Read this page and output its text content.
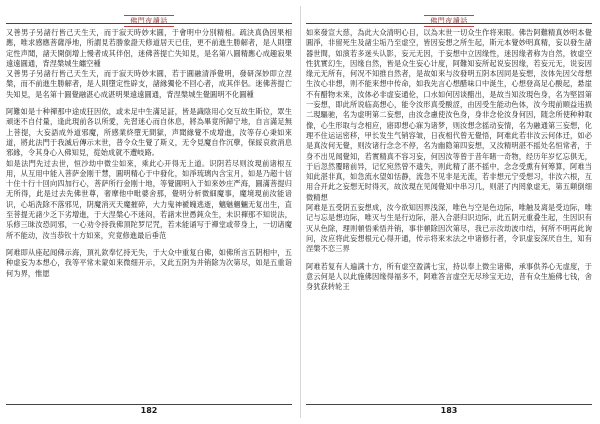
佛門夜讀話

又善男子另諸行皆己天生天，而于寂天時妙末圓，于會明中分別精相。疏決真偽因果相應，唯求感應菩薩淨地，所謂見若勝象證天修道居天已佳，更不前進生勝解者，是人則墮定性声聞，諸天開倒增上慢者成其伴侶，迷佛菩提亡失知見，是名第八圓精應心成趣寂果遠遠圓通，背涅槃城生纏空種

又善男子另諸行皆己天生天，而于寂天時妙末圓，若于圓融清淨覺明，發研深妙即立涅槃，而不前進生勝解者，是人則墮定性辟支，諸緣獨伦不回心者，成其伴侶。迷佛菩提亡失知見，是名第十圓覺融湛心成湛明果遠遠圓通，背涅槃城生覺圓明不化圓種

阿難如是十种禪那中途成狂因依，或未足中生滿足証，皆是識陰用心交互故生斯位，眾生頑迷不自付量，逢此現前各以所愛，先習迷心而自休息，將為畢竟所歸宁地，自言滿足無上菩提，大妄語成外道邪魔，所感業終墮无間獄，声聞緣覺不成增進，汝等存心秉如來道，將此法門于我滅后傳示末世，普令众生覺了斯义，无令見魔自作沉孽，保綏哀救消息邪緣，令其身心入佛知見，從始成就不遭岐路。

如是法門先过去世，恒沙劫中微尘如來，乘此心开得无上道。识阴若尽则汝現前诸根互用，从互用中能入菩萨金刚干慧，圓明精心于中發化，如淨琉璃內含宝月，如是乃超十信十住十行十回向四加行心，菩萨所行金刚十地，等覺圓明入于如來妙庄严海，圓滿菩提归无所得，此是过去先佛世尊，奢摩他中毗婆舍那，覺明分析微細魔事，魔境現前汝能谙识，心垢洗除不落邪见，阴魔消灭天魔摧碎，大力鬼神褫魄逃逝，魑魅魍魎无复出生，直至菩提无諸少乏下劣增進，于大涅槃心不迷闷，若諸末世愚鈍众生，未识禪那不知说法，乐修三昧汝恐同邪，一心劝令持我佛頂陀罗尼咒，若未能诵写于禪堂或带身上，一切诸魔所不能动，汝当恭钦十方如來，究竟修進最后垂范

阿难即从座起闻佛示海，頂礼欽奉忆持无失，于大众中重复白佛，如佛所言五阴相中，五种虚妄为本想心，我等平常未蒙如來微细开示，又此五阴为并销除为次第尽，如是五重诣何为界，惟愿

182
佛門夜讀話

如來發宣大慈，為此大众清明心目，以為末世一切众生作将來眼。佛告阿難精真妙明本覺圓淨，非留死生及諸尘垢乃至虚空，皆因妄想之所生起，斯元本覺妙明真精，妄以發生諸器世間，如演若多迷头认影，妄元无因，于妄想中立因缘性，迷因缘者称为自然，彼虚空性犹實幻生，因缘自然，皆是众生妄心计度，阿難知妄所起说妄因缘，若妄元无，说妄因缘元无所有，何况不知推自然者，是故如來与汝發明五阴本因同是妄想，汝体先因父母想生汝心非想，则不能來想中传命，如我先言心想醋味口中涎生，心想登高足心酸起，悬崖不有醋物未來，汝体必非虚妄通伦，口水如何因谈醋出，是故当知汝現色身，名为堅固第一妄想，即此所说临高想心，能令汝形真受酸涩，由因受生能动色体，汝今現前順益违损二現驅驰，名为虚明第二妄想，由汝念慮使汝色身，身非念伦汝身何因，随念所使种种取像，心生形取与念相应，寤即想心寐为诸梦，则汝想念摇动妄情，名为融通第三妄想，化理不住运运密移，甲长发生气销容皱，日夜相代曾无覺悟，阿难此若非汝云何体迁，如必是真汝何无覺，则汝诸行念念不停，名为幽隐第四妄想，又汝精明湛不摇处名恒常者，于身不出见闻覺知，若實精真不容习妄，何因汝等曾于昔年睹一奇物，经历年岁忆忘俱无，于后忽然覆睹前异，记忆宛然曾不遗失，则此精了湛不摇中，念念受熏有何筹算，阿难当知此湛非真，如急流水望如恬静，流急不见非是无流，若非想元宁受想习，非汝六根，互用合开此之妄想无时得灭，故汝現在见闻覺知中串习几，则湛了内罔象虚无，第五顛倒细微精想

阿难是五受阴五妄想成，汝今欲知因界浅深，唯色与空是色边际，唯触及离是受边际，唯记与忘是想边际，唯灭与生是行边际，湛入合湛归识边际，此五阴元重叠生起，生因识有灭从色除，理则頓悟乘悟并销，事非頓除因次第尽，我已示汝劫波巾结，何所不明再此询问，汝应将此妄想根元心得开通，传示将來末法之中诸修行者，令识虚妄深厌自生，知有涅槃不恋三界

阿难若复有人遍满十方，所有虚空盈满七宝，持以奉上微尘诸佛，承事供养心无虚度，于意云何是人以此施佛因缘得福多不，阿难答言虚空无尽珍宝无边，昔有众生施佛七钱，舍身犹获转轮王

183
